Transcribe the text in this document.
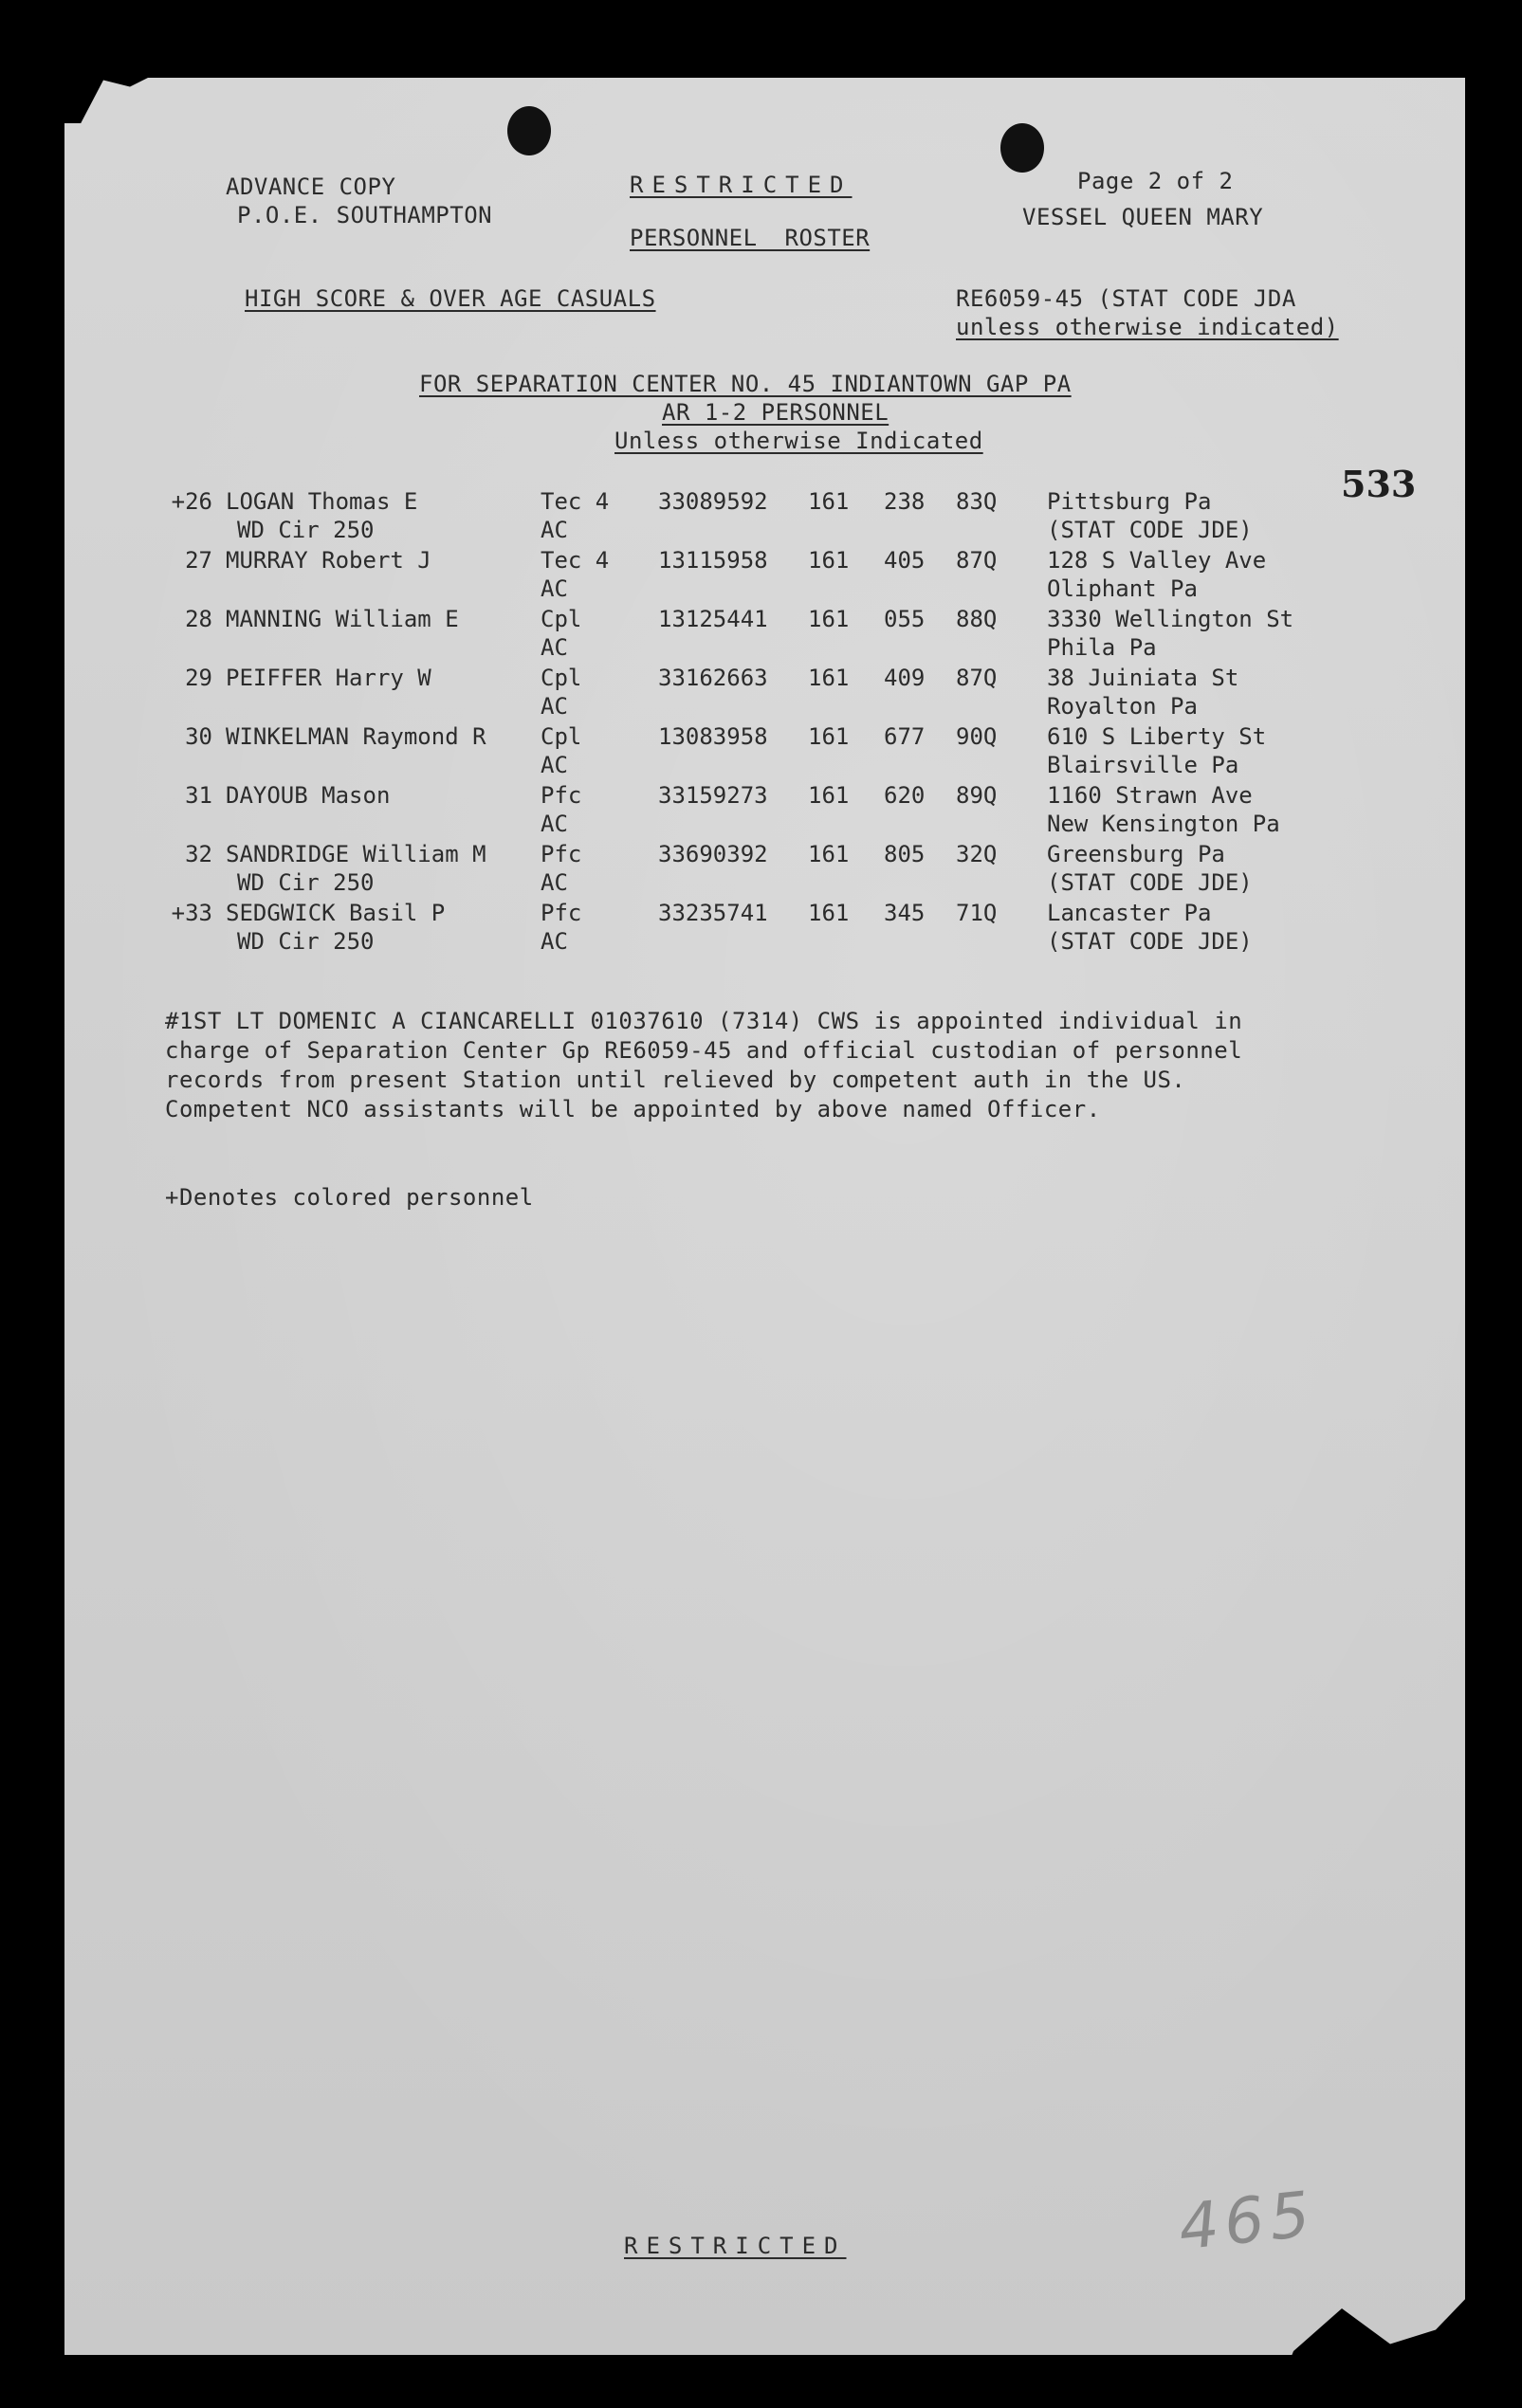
ADVANCE COPY
P.O.E. SOUTHAMPTON
RESTRICTED
PERSONNEL ROSTER
Page 2 of 2
VESSEL QUEEN MARY
HIGH SCORE & OVER AGE CASUALS	RE6059-45 (STAT CODE JDA
unless otherwise indicated)
FOR SEPARATION CENTER NO. 45 INDIANTOWN GAP PA
AR 1-2 PERSONNEL
Unless otherwise Indicated
533
+26 LOGAN Thomas E	Tec 4 33089592 161 238 83Q Pittsburg Pa
WD Cir 250	AC	(STAT CODE JDE)
27 MURRAY Robert J	Tec 4 13115958 161 405 87Q 128 S Valley Ave
AC	Oliphant Pa
28 MANNING William E	Cpl	13125441 161 055 88Q 3330 Wellington St
AC	Phila Pa
29 PEIFFER Harry W	Cpl	33162663 161 409 87Q 38 Juiniata St
AC	Royalton Pa
30 WINKELMAN Raymond R Cpl	13083958 161 677 90Q 610 S Liberty St
AC	Blairsville Pa
31 DAYOUB Mason	Pfc	33159273 161 620 89Q 1160 Strawn Ave
AC	New Kensington Pa
32 SANDRIDGE William M Pfc	33690392 161 805 32Q Greensburg Pa
WD Cir 250	AC	(STAT CODE JDE)
+33 SEDGWICK Basil P	Pfc	33235741 161 345 71Q Lancaster Pa
WD Cir 250	AC	(STAT CODE JDE)
#1ST LT DOMENIC A CIANCARELLI 01037610 (7314) CWS is appointed individual in
charge of Separation Center Gp RE6059-45 and official custodian of personnel
records from present Station until relieved by competent auth in the US.
Competent NCO assistants will be appointed by above named Officer.
+Denotes colored personnel
RESTRICTED	465
